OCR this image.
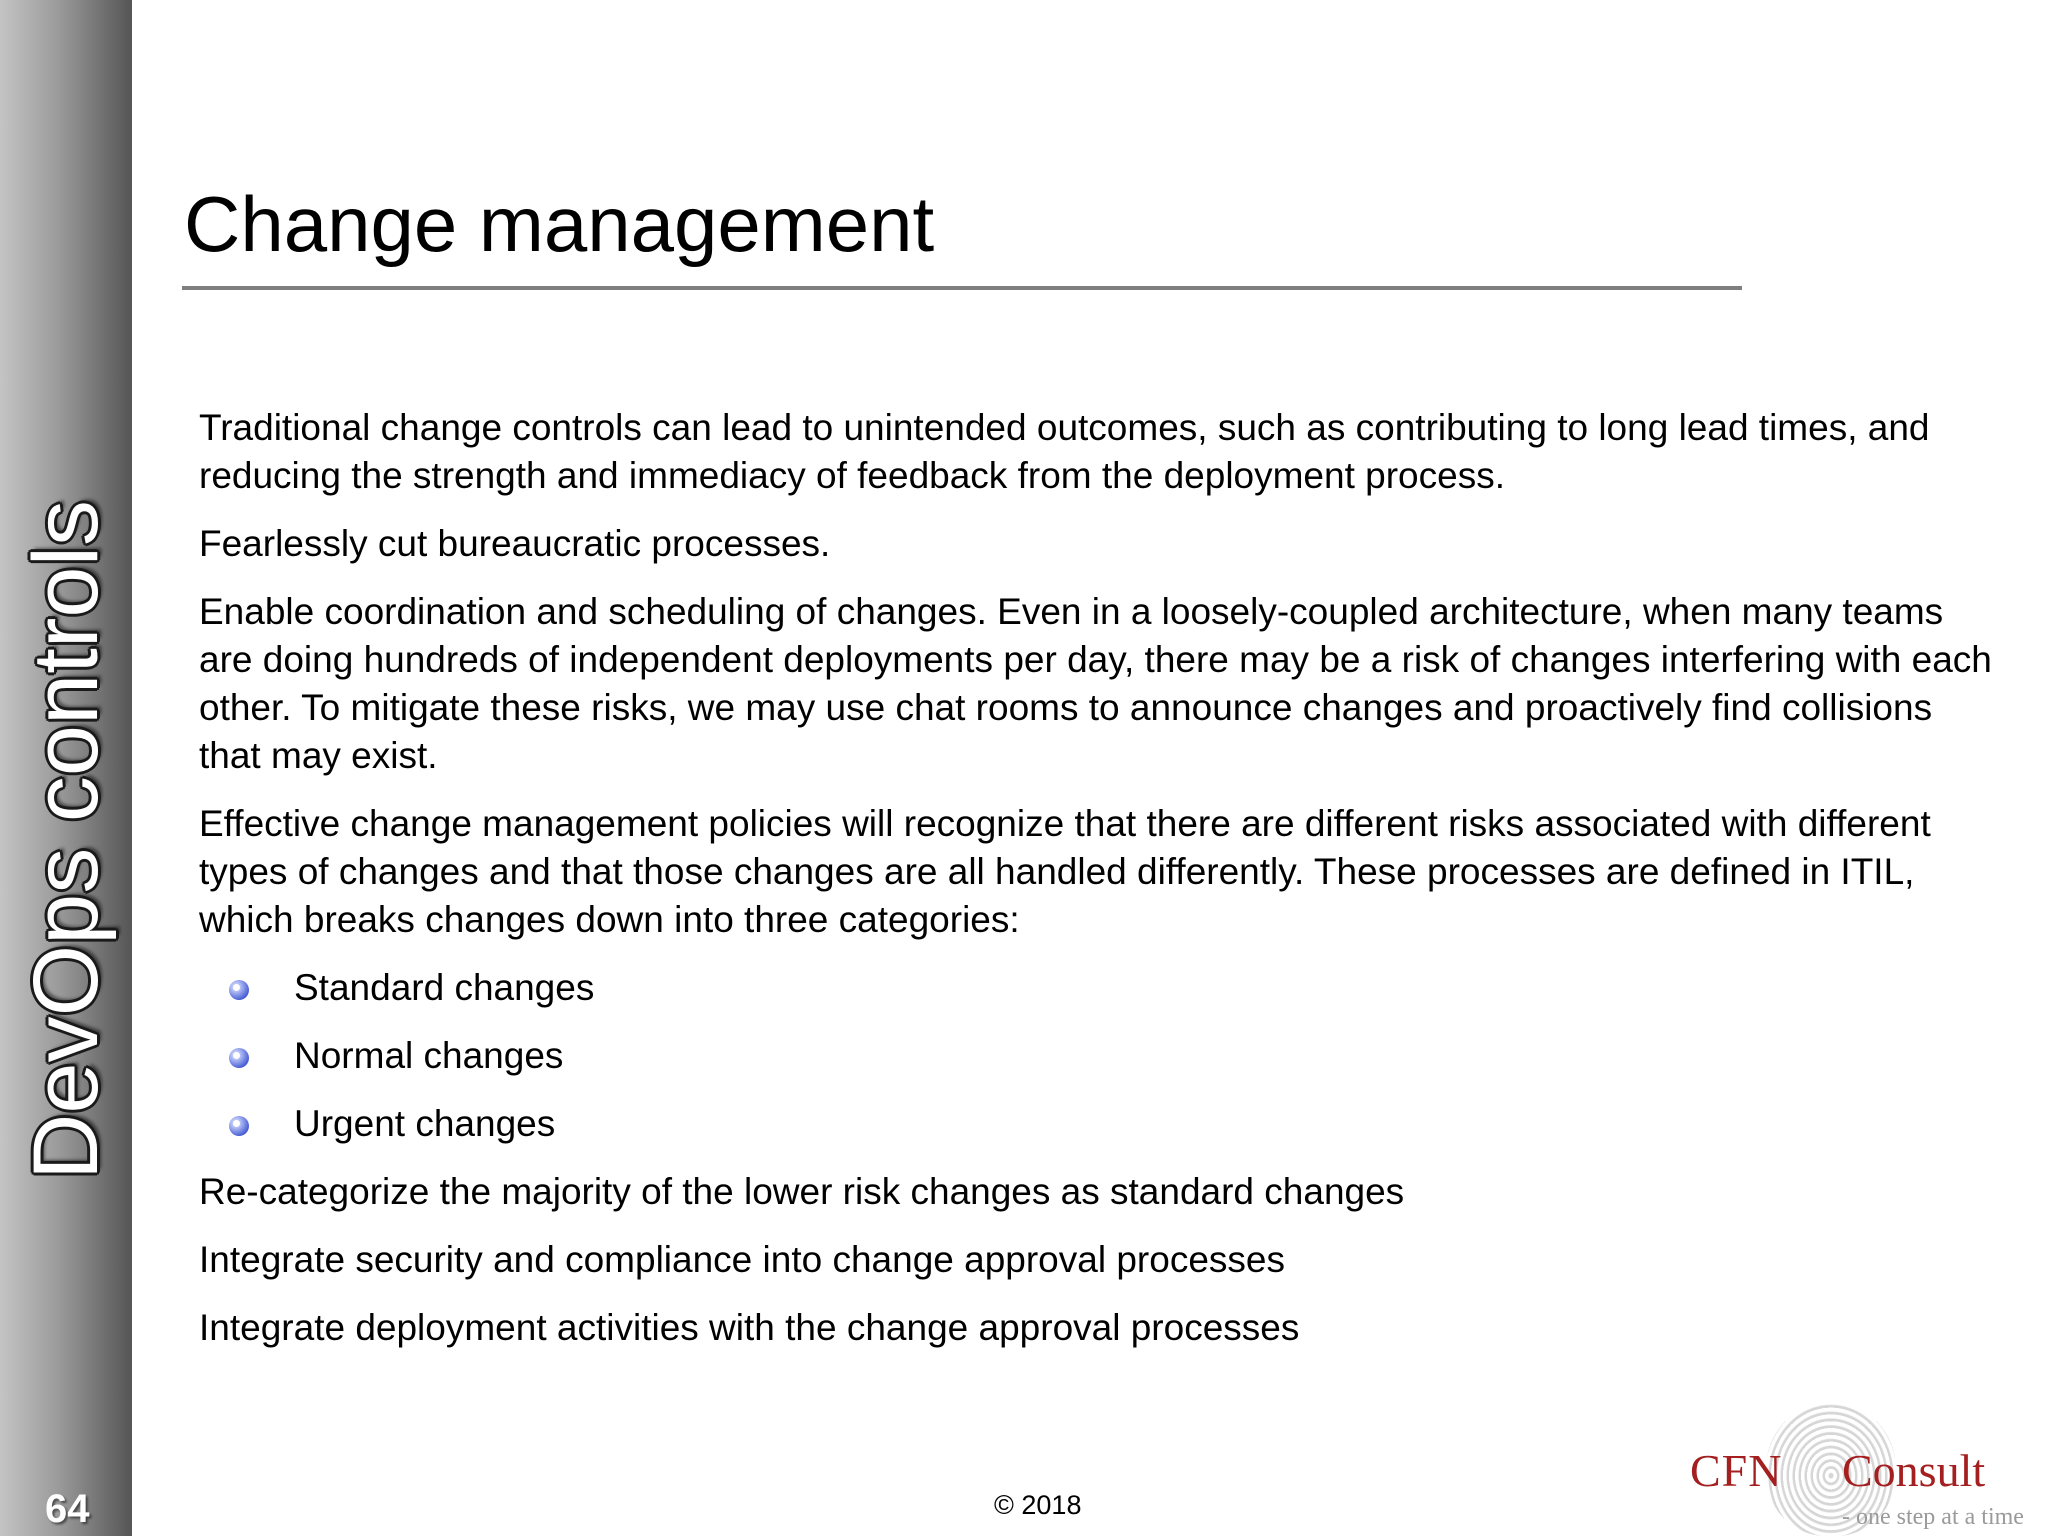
DevOps controls
64
Change management

Traditional change controls can lead to unintended outcomes, such as contributing to long lead times, and reducing the strength and immediacy of feedback from the deployment process.

Fearlessly cut bureaucratic processes.

Enable coordination and scheduling of changes. Even in a loosely-coupled architecture, when many teams are doing hundreds of independent deployments per day, there may be a risk of changes interfering with each other. To mitigate these risks, we may use chat rooms to announce changes and proactively find collisions that may exist.

Effective change management policies will recognize that there are different risks associated with different types of changes and that those changes are all handled differently. These processes are defined in ITIL, which breaks changes down into three categories:

Standard changes
Normal changes
Urgent changes

Re-categorize the majority of the lower risk changes as standard changes

Integrate security and compliance into change approval processes

Integrate deployment activities with the change approval processes

© 2018
CFN Consult
- one step at a time
